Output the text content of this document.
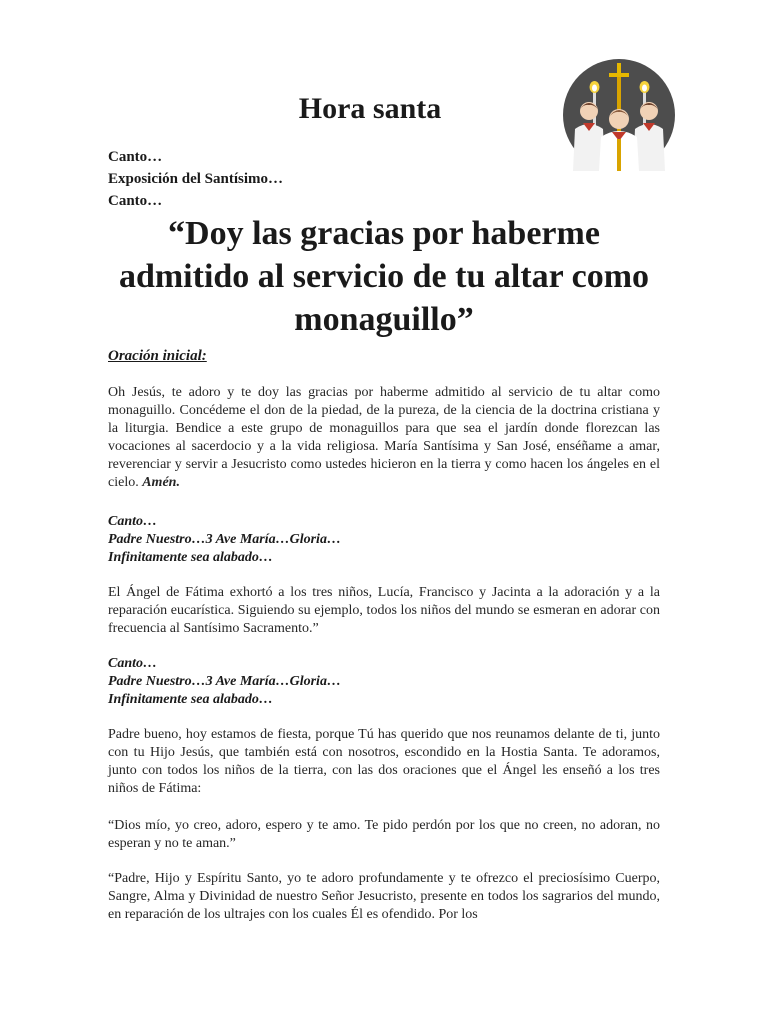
Hora santa
Canto…
Exposición del Santísimo…
Canto…
“Doy las gracias por haberme admitido al servicio de tu altar como monaguillo”
Oración inicial:
Oh Jesús, te adoro y te doy las gracias por haberme admitido al servicio de tu altar como monaguillo. Concédeme el don de la piedad, de la pureza, de la ciencia de la doctrina cristiana y la liturgia. Bendice a este grupo de monaguillos para que sea el jardín donde florezcan las vocaciones al sacerdocio y a la vida religiosa. María Santísima y San José, enséñame a amar, reverenciar y servir a Jesucristo como ustedes hicieron en la tierra y como hacen los ángeles en el cielo. Amén.
Canto…
Padre Nuestro…3 Ave María…Gloria…
Infinitamente sea alabado…
El Ángel de Fátima exhortó a los tres niños, Lucía, Francisco y Jacinta a la adoración y a la reparación eucarística. Siguiendo su ejemplo, todos los niños del mundo se esmeran en adorar con frecuencia al Santísimo Sacramento.”
Canto…
Padre Nuestro…3 Ave María…Gloria…
Infinitamente sea alabado…
Padre bueno, hoy estamos de fiesta, porque Tú has querido que nos reunamos delante de ti, junto con tu Hijo Jesús, que también está con nosotros, escondido en la Hostia Santa. Te adoramos, junto con todos los niños de la tierra, con las dos oraciones que el Ángel les enseñó a los tres niños de Fátima:
“Dios mío, yo creo, adoro, espero y te amo. Te pido perdón por los que no creen, no adoran, no esperan y no te aman.”
“Padre, Hijo y Espíritu Santo, yo te adoro profundamente y te ofrezco el preciosísimo Cuerpo, Sangre, Alma y Divinidad de nuestro Señor Jesucristo, presente en todos los sagrarios del mundo, en reparación de los ultrajes con los cuales Él es ofendido. Por los
